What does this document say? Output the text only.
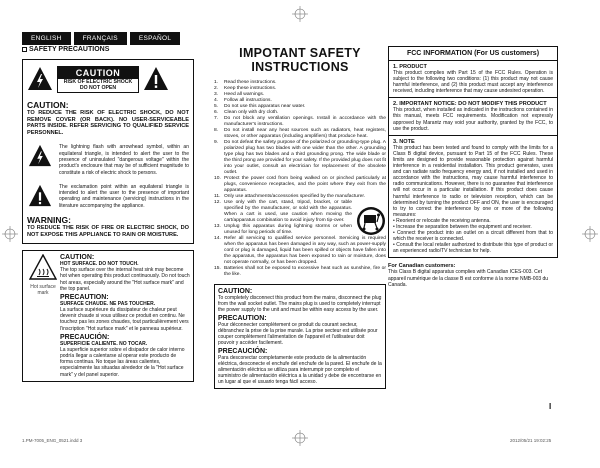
ENGLISH	FRANÇAIS	ESPAÑOL
SAFETY PRECAUTIONS
CAUTION
RISK OF ELECTRIC SHOCK
DO NOT OPEN
CAUTION:
TO REDUCE THE RISK OF ELECTRIC SHOCK, DO NOT REMOVE COVER (OR BACK). NO USER-SERVICEABLE PARTS INSIDE. REFER SERVICING TO QUALIFIED SERVICE PERSONNEL.

The lightning flash with arrowhead symbol, within an equilateral triangle, is intended to alert the user to the presence of uninsulated "dangerous voltage" within the product's enclosure that may be of sufficient magnitude to constitute a risk of electric shock to persons.

The exclamation point within an equilateral triangle is intended to alert the user to the presence of important operating and maintenance (servicing) instructions in the literature accompanying the appliance.

WARNING:
TO REDUCE THE RISK OF FIRE OR ELECTRIC SHOCK, DO NOT EXPOSE THIS APPLIANCE TO RAIN OR MOISTURE.
Hot surface mark
CAUTION:
HOT SURFACE. DO NOT TOUCH.
The top surface over the internal heat sink may become hot when operating this product continuously. Do not touch hot areas, especially around the "Hot surface mark" and the top panel.
PRECAUTION:
SURFACE CHAUDE. NE PAS TOUCHER.
La surface supérieure du dissipateur de chaleur peut devenir chaude si vous utilisez ce produit en continu. Ne touchez pas les zones chaudes, tout particulièrement vers l'inscription "Hot surface mark" et le panneau supérieur.
PRECAUCIÓN:
SUPERFICIE CALIENTE. NO TOCAR.
La superficie superior sobre el disipador de calor interno podría llegar a calentarse al operar este producto de forma continua. No toque las áreas calientes, especialmente las situadas alrededor de la "Hot surface mark" y del panel superior.
IMPOTANT SAFETY
INSTRUCTIONS
1.	Read these instructions.
2.	Keep these instructions.
3.	Heed all warnings.
4.	Follow all instructions.
5.	Do not use this apparatus near water.
6.	Clean only with dry cloth.
7.	Do not block any ventilation openings. Install in accordance with the manufacturer's instructions.
8.	Do not install near any heat sources such as radiators, heat registers, stoves, or other apparatus (including amplifiers) that produce heat.
9.	Do not defeat the safety purpose of the polarized or grounding-type plug. A polarized plug has two blades with one wider than the other. A grounding type plug has two blades and a third grounding prong. The wide blade or the third prong are provided for your safety. If the provided plug does not fit into your outlet, consult an electrician for replacement of the obsolete outlet.
10. Protect the power cord from being walked on or pinched particularly at plugs, convenience receptacles, and the point where they exit from the apparatus.
11. Only use attachments/accessories specified by the manufacturer.
12. Use only with the cart, stand, tripod, bracket, or table specified by the manufacturer, or sold with the apparatus. When a cart is used, use caution when moving the cart/apparatus combination to avoid injury from tip-over.
13. Unplug this apparatus during lightning storms or when unused for long periods of time.
14. Refer all servicing to qualified service personnel. Servicing is required when the apparatus has been damaged in any way, such as power-supply cord or plug is damaged, liquid has been spilled or objects have fallen into the apparatus, the apparatus has been exposed to rain or moisture, does not operate normally, or has been dropped.
15. Batteries shall not be exposed to excessive heat such as sunshine, fire or the like.
CAUTION:
To completely disconnect this product from the mains, disconnect the plug from the wall socket outlet. The mains plug is used to completely interrupt the power supply to the unit and must be within easy access by the user.
PRECAUTION:
Pour déconnecter complètement ce produit du courant secteur, débranchez la prise de la prise murale. La prise secteur est utilisée pour couper complètement l'alimentation de l'appareil et l'utilisateur doit pouvoir y accéder facilement.
PRECAUCIÓN:
Para desconectar completamente este producto de la alimentación eléctrica, desconecte el enchufe del enchufe de la pared. El enchufe de la alimentación eléctrica se utiliza para interrumpir por completo el suministro de alimentación eléctrica a la unidad y debe de encontrarse en un lugar al que el usuario tenga fácil acceso.
FCC INFORMATION (For US customers)
1. PRODUCT
This product complies with Part 15 of the FCC Rules. Operation is subject to the following two conditions: (1) this product may not cause harmful interference, and (2) this product must accept any interference received, including interference that may cause undesired operation.
2. IMPORTANT NOTICE: DO NOT MODIFY THIS PRODUCT
This product, when installed as indicated in the instructions contained in this manual, meets FCC requirements. Modification not expressly approved by Marantz may void your authority, granted by the FCC, to use the product.
3. NOTE
This product has been tested and found to comply with the limits for a Class B digital device, pursuant to Part 15 of the FCC Rules. These limits are designed to provide reasonable protection against harmful interference in a residential installation. This product generates, uses and can radiate radio frequency energy and, if not installed and used in accordance with the instructions, may cause harmful interference to radio communications. However, there is no guarantee that interference will not occur in a particular installation. If this product does cause harmful interference to radio or television reception, which can be determined by turning the product OFF and ON, the user is encouraged to try to correct the interference by one or more of the following measures:
• Reorient or relocate the receiving antenna.
• Increase the separation between the equipment and receiver.
• Connect the product into an outlet on a circuit different from that to which the receiver is connected.
• Consult the local retailer authorized to distribute this type of product or an experienced radio/TV technician for help.
For Canadian customers:
This Class B digital apparatus complies with Canadian ICES-003. Cet appareil numérique de la classe B est conforme à la norme NMB-003 du Canada.
I
1.PM-7005_ENG_0521.indd 3	2012/05/21 19:02:25
